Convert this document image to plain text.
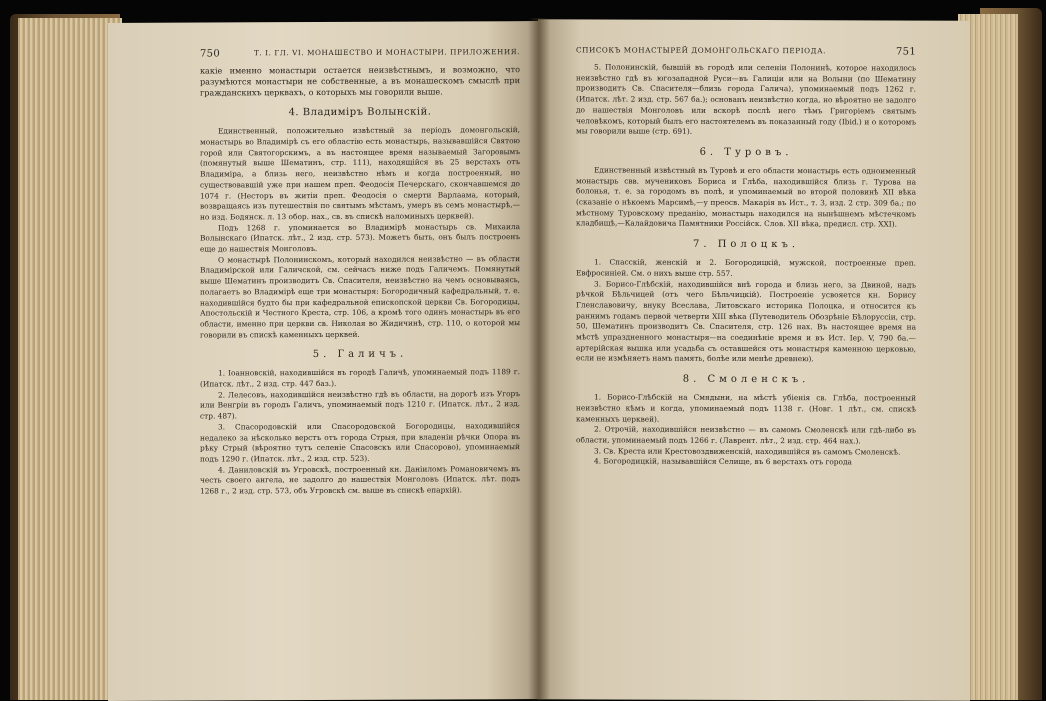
750	Т. I. ГЛ. VI. МОНАШЕСТВО И МОНАСТЫРИ. ПРИЛОЖЕНИЯ.

какіе именно монастыри остается неизвѣстнымъ, и возможно, что разумѣются монастыри не собственные, а въ монашескомъ смыслѣ при гражданскихъ церквахъ, о которыхъ мы говорили выше.

4. Владиміръ Волынскій.

Единственный, положительно извѣстный за періодъ домонгольскій, монастырь во Владимірѣ съ его областію есть монастырь, называвшійся Святою горой или Святогорскимъ, а въ настоящее время называемый Загоровымъ (помянутый выше Шематинъ, стр. 111), находящійся въ 25 верстахъ отъ Владиміра, а близь него, неизвѣстно нѣмъ и когда построенный, но существовавшій уже при нашем преп. Феодосія Печерскаго, скончавшемся до 1074 г. (Несторъ въ житіи преп. Феодосія о смерти Варлаама, который, возвращаясь изъ путешествія по святымъ мѣстамъ, умеръ въ семъ монастырѣ,—но изд. Бодянск. л. 13 обор. нах., св. въ спискѣ наломиныхъ церквей).

Подъ 1268 г. упоминается во Владимірѣ монастырь св. Михаила Волынскаго (Ипатск. лѣт., 2 изд. стр. 573). Можетъ быть, онъ былъ построенъ еще до нашествія Монголовъ.

О монастырѣ Полонинскомъ, который находился неизвѣстно — въ области Владимірской или Галичской, см. сейчасъ ниже подъ Галичемъ. Помянутый выше Шематинъ производитъ Св. Спасителя, неизвѣстно на чемъ основываясь, полагаетъ во Владимірѣ еще три монастыря: Богородичный кафедральный, т. е. находившійся будто бы при кафедральной епископской церкви Св. Богородицы, Апостольскій и Честного Креста, стр. 106, а кромѣ того одинъ монастырь въ его области, именно при церкви св. Николая во Жидичинѣ, стр. 110, о которой мы говорили въ спискѣ каменныхъ церквей.

5. Галичъ.

1. Іоанновскій, находившійся въ городѣ Галичѣ, упоминаемый подъ 1189 г. (Ипатск. лѣт., 2 изд. стр. 447 баз.).

2. Лелесовъ, находившійся неизвѣстно гдѣ въ области, на дорогѣ изъ Угоръ или Венгріи въ городъ Галичъ, упоминаемый подъ 1210 г. (Ипатск. лѣт., 2 изд. стр. 487).

3. Спасородовскій или Спасородовской Богородицы, находившійся недалеко за нѣсколько верстъ отъ города Стрыя, при владеніи рѣчки Опора въ рѣку Стрый (вѣроятно тутъ селеніе Спасовскъ или Спасорово), упоминаемый подъ 1290 г. (Ипатск. лѣт., 2 изд. стр. 523).

4. Даниловскій въ Угровскѣ, построенный кн. Даніиломъ Романовичемъ въ честь своего ангела, не задолго до нашествія Монголовъ (Ипатск. лѣт. подъ 1268 г., 2 изд. стр. 573, объ Угровскѣ см. выше въ спискѣ епархій).

СПИСОКЪ МОНАСТЫРЕЙ ДОМОНГОЛЬСКАГО ПЕРІОДА.	751

5. Полонинскій, бывшій въ городѣ или селеніи Полонинѣ, которое находилось неизвѣстно гдѣ въ югозападной Руси—въ Галиціи или на Волыни (по Шематину производитъ Св. Спасителя—близь города Галича), упоминаемый подъ 1262 г. (Ипатск. лѣт. 2 изд. стр. 567 ба.); основанъ неизвѣстно когда, но вѣроятно не задолго до нашествія Монголовъ или вскорѣ послѣ него тѣмъ Григоріемъ святымъ человѣкомъ, который былъ его настоятелемъ въ показанный году (Ibid.) и о которомъ мы говорили выше (стр. 691).

6. Туровъ.

Единственный извѣстный въ Туровѣ и его области монастырь есть одноименный монастырь свв. мучениковъ Бориса и Глѣба, находившійся близь г. Турова на болонья, т. е. за городомъ въ полѣ, и упоминаемый во второй половинѣ XII вѣка (сказаніе о нѣкоемъ Марсимѣ,—у преосв. Макарія въ Ист., т. 3, изд. 2 стр. 309 ба.; по мѣстному Туровскому преданію, монастырь находился на нынѣшнемъ мѣстечкомъ кладбищѣ,—Калайдовича Памятники Россійск. Слов. XII вѣка, предисл. стр. XXI).

7. Полоцкъ.

1. Спасскій, женскій и 2. Богородицкій, мужской, построенные преп. Евфросиніей. См. о нихъ выше стр. 557.

3. Борисо-Глѣбскій, находившійся внѣ города и близь него, за Двиной, надъ рѣчкой Бѣльчицей (отъ чего Бѣльчицкій). Построеніе усвояется кн. Борису Гленславовичу, внуку Всеслава, Литовскаго историка Полоцка, и относится къ раннимъ годамъ первой четверти XIII вѣка (Путеводитель Обозрѣніе Бѣлоруссіи, стр. 50, Шематинъ производитъ Св. Спасителя, стр. 126 нах. Въ настоящее время на мѣстѣ упраздненного монастыря—на соединѣніе время и въ Ист. Іер. V, 790 ба.—артерійская вышка или усадьба съ оставшейся отъ монастыря каменною церковью, если не измѣняетъ намъ память, болѣе или менѣе древнею).

8. Смоленскъ.

1. Борисо-Глѣбскій на Смядыни, на мѣстѣ убіенія св. Глѣба, построенный неизвѣстно кѣмъ и когда, упоминаемый подъ 1138 г. (Новг. 1 лѣт., см. спискѣ каменныхъ церквей).

2. Отрочій, находившійся неизвѣстно — въ самомъ Смоленскѣ или гдѣ-либо въ области, упоминаемый подъ 1266 г. (Лаврент. лѣт., 2 изд. стр. 464 нах.).

3. Св. Креста или Крестовоздвиженскій, находившійся въ самомъ Смоленскѣ.

4. Богородицкій, называвшійся Селище, въ 6 верстахъ отъ города
